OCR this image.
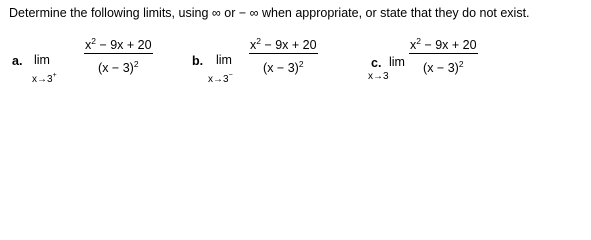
Determine the following limits, using ∞ or − ∞ when appropriate, or state that they do not exist.
a. lim
x→3+
$x^2 - 9x + 20$
$(x - 3)^2$	b. lim
x→3−
$x^2 - 9x + 20$
$(x - 3)^2$	c. lim
x→3
$x^2 - 9x + 20$
$(x - 3)^2$
